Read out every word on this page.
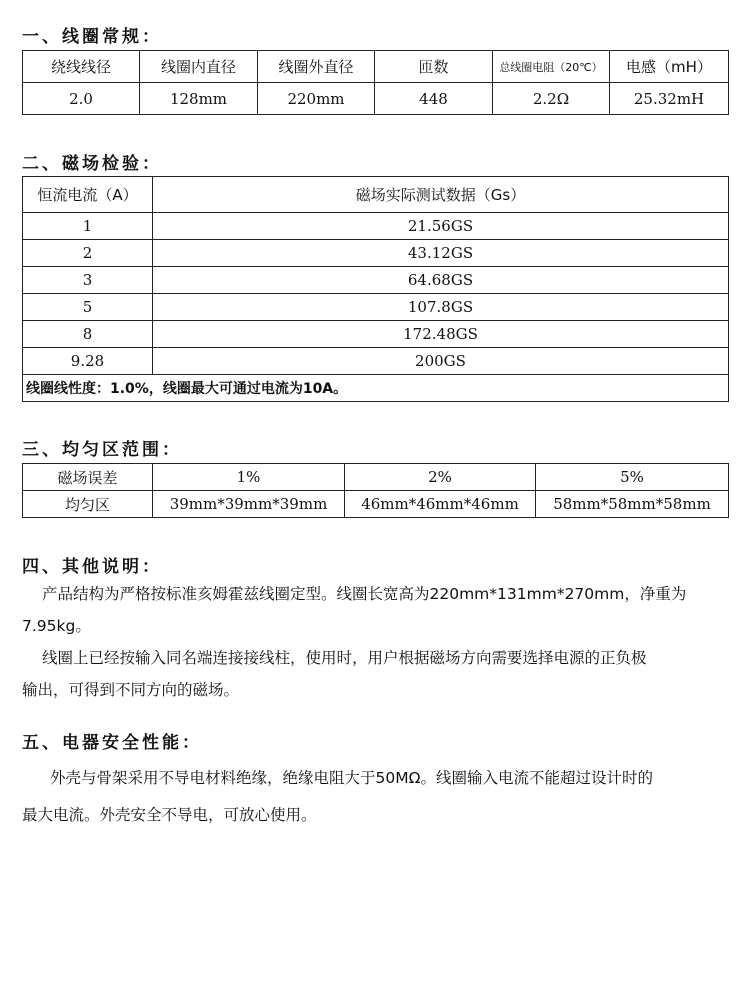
一、线圈常规：
绕线线径	线圈内直径	线圈外直径	匝数	总线圈电阻（20℃）	电感（mH）
2.0	128mm	220mm	448	2.2Ω	25.32mH
二、磁场检验：
恒流电流（A）	磁场实际测试数据（Gs）
1	21.56GS
2	43.12GS
3	64.68GS
5	107.8GS
8	172.48GS
9.28	200GS
线圈线性度：1.0%，线圈最大可通过电流为10A。	
三、均匀区范围：
磁场误差	1%	2%	5%
均匀区	39mm*39mm*39mm	46mm*46mm*46mm	58mm*58mm*58mm
四、其他说明：
产品结构为严格按标准亥姆霍兹线圈定型。线圈长宽高为220mm*131mm*270mm，净重为
7.95kg。
线圈上已经按输入同名端连接接线柱，使用时，用户根据磁场方向需要选择电源的正负极
输出，可得到不同方向的磁场。
五、电器安全性能：
外壳与骨架采用不导电材料绝缘，绝缘电阻大于50MΩ。线圈输入电流不能超过设计时的
最大电流。外壳安全不导电，可放心使用。
